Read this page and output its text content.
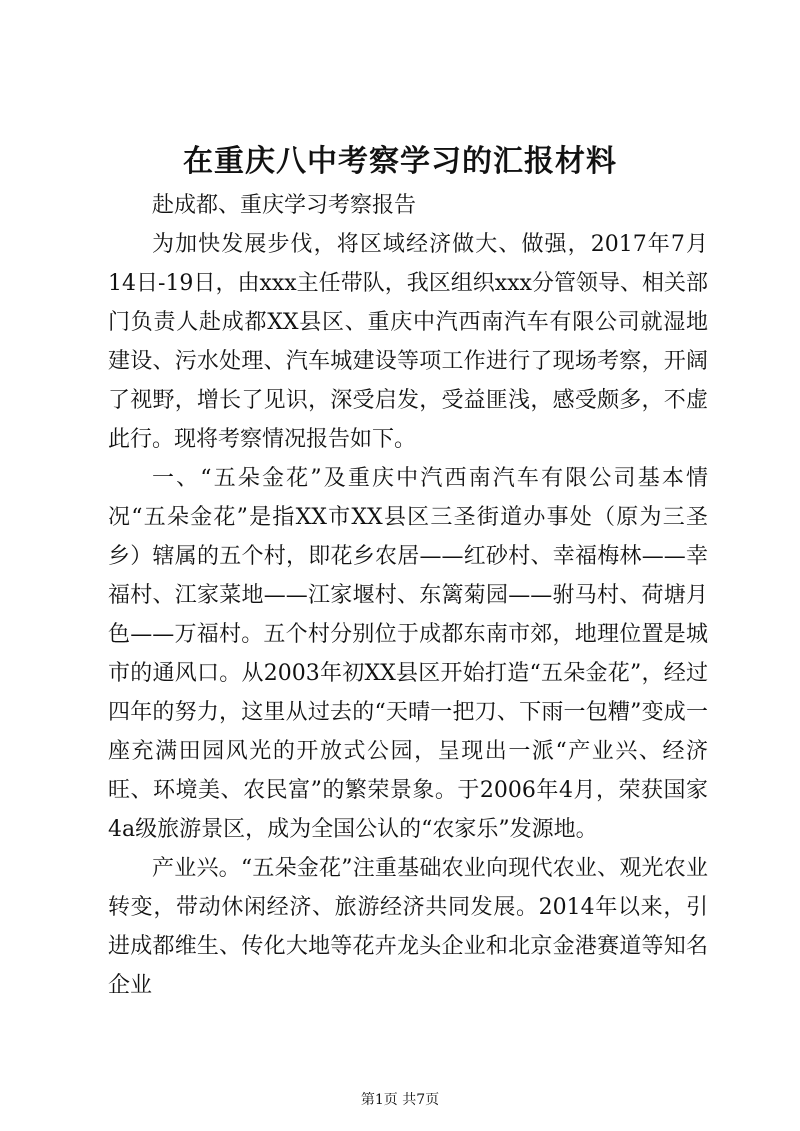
在重庆八中考察学习的汇报材料

赴成都、重庆学习考察报告

为加快发展步伐，将区域经济做大、做强，2017年7月14日-19日，由xxx主任带队，我区组织xxx分管领导、相关部门负责人赴成都XX县区、重庆中汽西南汽车有限公司就湿地建设、污水处理、汽车城建设等项工作进行了现场考察，开阔了视野，增长了见识，深受启发，受益匪浅，感受颇多，不虚此行。现将考察情况报告如下。

一、“五朵金花”及重庆中汽西南汽车有限公司基本情况“五朵金花”是指XX市XX县区三圣街道办事处（原为三圣乡）辖属的五个村，即花乡农居——红砂村、幸福梅林——幸福村、江家菜地——江家堰村、东篱菊园——驸马村、荷塘月色——万福村。五个村分别位于成都东南市郊，地理位置是城市的通风口。从2003年初XX县区开始打造“五朵金花”，经过四年的努力，这里从过去的“天晴一把刀、下雨一包糟”变成一座充满田园风光的开放式公园，呈现出一派“产业兴、经济旺、环境美、农民富”的繁荣景象。于2006年4月，荣获国家4a级旅游景区，成为全国公认的“农家乐”发源地。

产业兴。“五朵金花”注重基础农业向现代农业、观光农业转变，带动休闲经济、旅游经济共同发展。2014年以来，引进成都维生、传化大地等花卉龙头企业和北京金港赛道等知名企业

第1页 共7页
